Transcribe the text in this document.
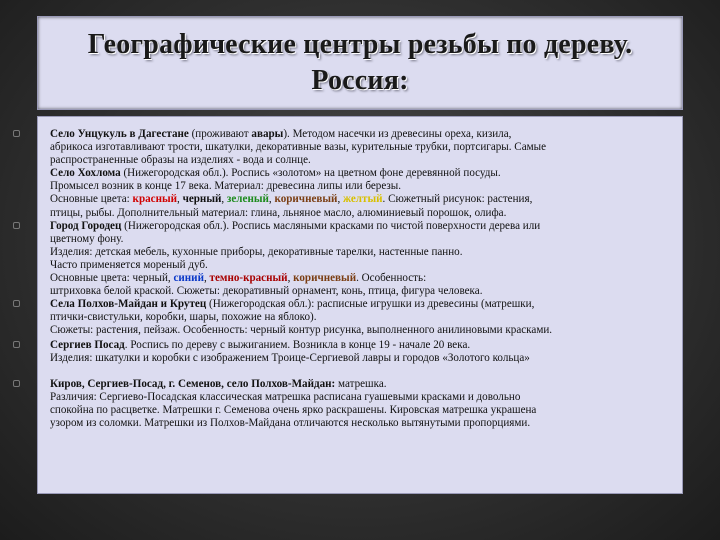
Географические центры резьбы по дереву.
Россия:
Село Унцукуль в Дагестане (проживают авары). Методом насечки из древесины ореха, кизила,
абрикоса изготавливают трости, шкатулки, декоративные вазы, курительные трубки, портсигары. Самые
распространенные образы на изделиях - вода и солнце.
Село Хохлома (Нижегородская обл.). Роспись «золотом» на цветном фоне деревянной посуды.
Промысел возник в конце 17 века. Материал: древесина липы или березы.
Основные цвета: красный, черный, зеленый, коричневый, желтый. Сюжетный рисунок: растения,
птицы, рыбы. Дополнительный материал: глина, льняное масло, алюминиевый порошок, олифа.
Город Городец (Нижегородская обл.). Роспись масляными красками по чистой поверхности дерева или
цветному фону.
Изделия: детская мебель, кухонные приборы, декоративные тарелки, настенные панно.
Часто применяется мореный дуб.
Основные цвета: черный, синий, темно-красный, коричневый. Особенность:
штриховка белой краской. Сюжеты: декоративный орнамент, конь, птица, фигура человека.
Села Полхов-Майдан и Крутец (Нижегородская обл.): расписные игрушки из древесины (матрешки,
птички-свистульки, коробки, шары, похожие на яблоко).
Сюжеты: растения, пейзаж. Особенность: черный контур рисунка, выполненного анилиновыми красками.
Сергиев Посад. Роспись по дереву с выжиганием. Возникла в конце 19 - начале 20 века.
Изделия: шкатулки и коробки с изображением Троице-Сергиевой лавры и городов «Золотого кольца»
Киров, Сергиев-Посад, г. Семенов, село Полхов-Майдан: матрешка.
Различия: Сергиево-Посадская классическая матрешка расписана гуашевыми красками и довольно
спокойна по расцветке. Матрешки г. Семенова очень ярко раскрашены. Кировская матрешка украшена
узором из соломки. Матрешки из Полхов-Майдана отличаются несколько вытянутыми пропорциями.
